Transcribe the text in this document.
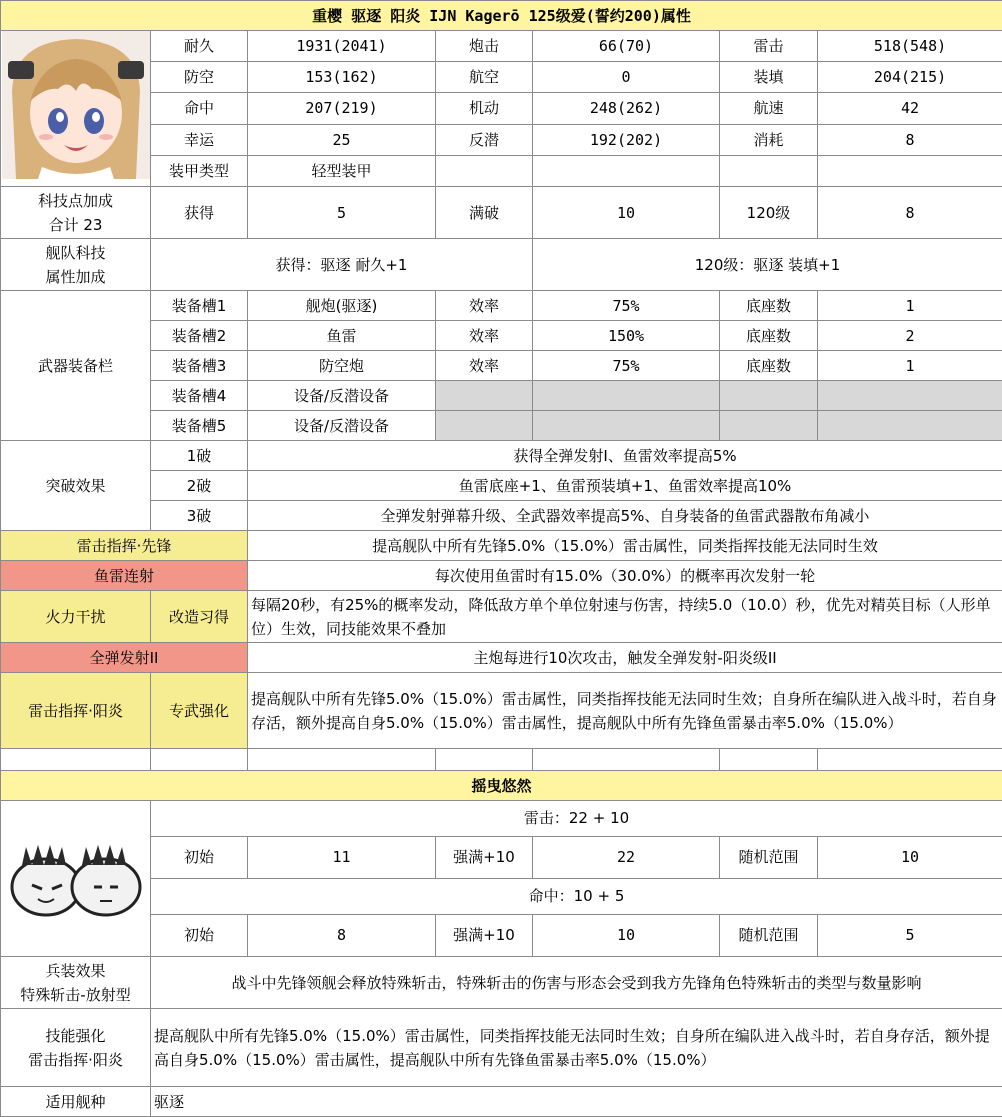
重樱 驱逐 阳炎 IJN Kagerō 125级爱(誓约200)属性						
	耐久	1931(2041)	炮击	66(70)	雷击	518(548)
	防空	153(162)	航空	0	装填	204(215)
	命中	207(219)	机动	248(262)	航速	42
	幸运	25	反潜	192(202)	消耗	8
	装甲类型	轻型装甲				

科技点加成
合计 23	获得	5	满破	10	120级	8

舰队科技
属性加成	获得：驱逐 耐久+1			120级：驱逐 装填+1		
武器装备栏	装备槽1	舰炮(驱逐)	效率	75%	底座数	1
	装备槽2	鱼雷	效率	150%	底座数	2
	装备槽3	防空炮	效率	75%	底座数	1
	装备槽4	设备/反潜设备				
	装备槽5	设备/反潜设备				
突破效果	1破	获得全弹发射I、鱼雷效率提高5%				
	2破	鱼雷底座+1、鱼雷预装填+1、鱼雷效率提高10%				
	3破	全弹发射弹幕升级、全武器效率提高5%、自身装备的鱼雷武器散布角减小				
雷击指挥·先锋		提高舰队中所有先锋5.0%（15.0%）雷击属性，同类指挥技能无法同时生效				
鱼雷连射		每次使用鱼雷时有15.0%（30.0%）的概率再次发射一轮				
火力干扰	改造习得	每隔20秒，有25%的概率发动，降低敌方单个单位射速与伤害，持续5.0（10.0）秒，优先对精英目标（人形单位）生效，同技能效果不叠加				
全弹发射II		主炮每进行10次攻击，触发全弹发射-阳炎级II				
雷击指挥·阳炎	专武强化	提高舰队中所有先锋5.0%（15.0%）雷击属性，同类指挥技能无法同时生效；自身所在编队进入战斗时，若自身存活，额外提高自身5.0%（15.0%）雷击属性，提高舰队中所有先锋鱼雷暴击率5.0%（15.0%）				

摇曳悠然						
	雷击：22 + 10					
	初始	11	强满+10	22	随机范围	10
	命中：10 + 5					
	初始	8	强满+10	10	随机范围	5

兵装效果
特殊斩击-放射型	战斗中先锋领舰会释放特殊斩击，特殊斩击的伤害与形态会受到我方先锋角色特殊斩击的类型与数量影响					

技能强化
雷击指挥·阳炎	提高舰队中所有先锋5.0%（15.0%）雷击属性，同类指挥技能无法同时生效；自身所在编队进入战斗时，若自身存活，额外提高自身5.0%（15.0%）雷击属性，提高舰队中所有先锋鱼雷暴击率5.0%（15.0%）					
适用舰种	驱逐					
